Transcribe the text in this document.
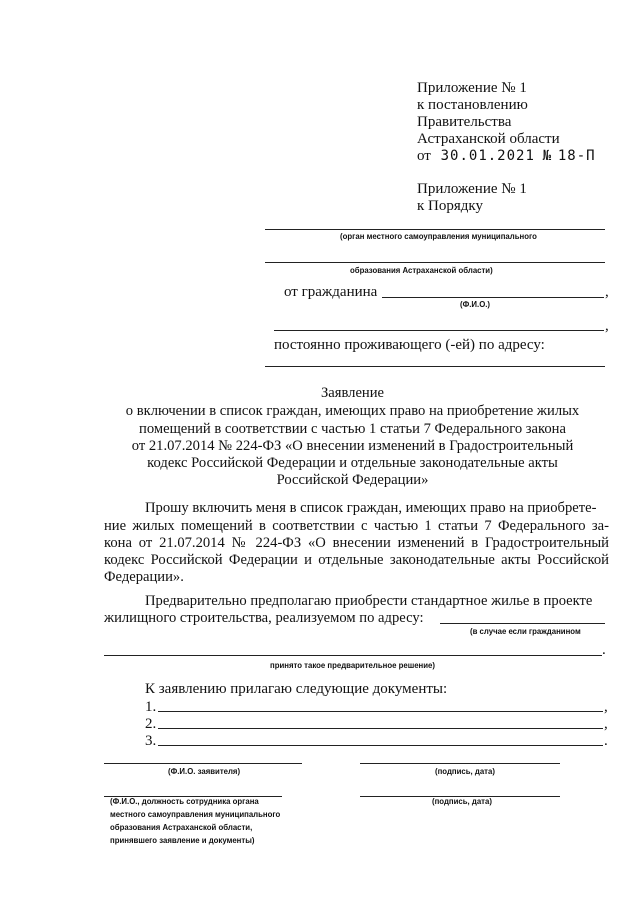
Приложение № 1
к постановлению
Правительства
Астраханской области
от 30.01.2021 № 18-П
Приложение № 1
к Порядку
(орган местного самоуправления муниципального
образования Астраханской области)
от гражданина	,
(Ф.И.О.)
,
постоянно проживающего (-ей) по адресу:
Заявление
о включении в список граждан, имеющих право на приобретение жилых
помещений в соответствии с частью 1 статьи 7 Федерального закона
от 21.07.2014 № 224-ФЗ «О внесении изменений в Градостроительный
кодекс Российской Федерации и отдельные законодательные акты
Российской Федерации»
Прошу включить меня в список граждан, имеющих право на приобрете-
ние жилых помещений в соответствии с частью 1 статьи 7 Федерального за-
кона от 21.07.2014 № 224-ФЗ «О внесении изменений в Градостроительный
кодекс Российской Федерации и отдельные законодательные акты Российской
Федерации».
Предварительно предполагаю приобрести стандартное жилье в проекте
жилищного строительства, реализуемом по адресу:
(в случае если гражданином
.
принято такое предварительное решение)
К заявлению прилагаю следующие документы:
1.	,
2.	,
3.	.
(Ф.И.О. заявителя)	(подпись, дата)
(Ф.И.О., должность сотрудника органа
местного самоуправления муниципального
образования Астраханской области,
принявшего заявление и документы)
(подпись, дата)
